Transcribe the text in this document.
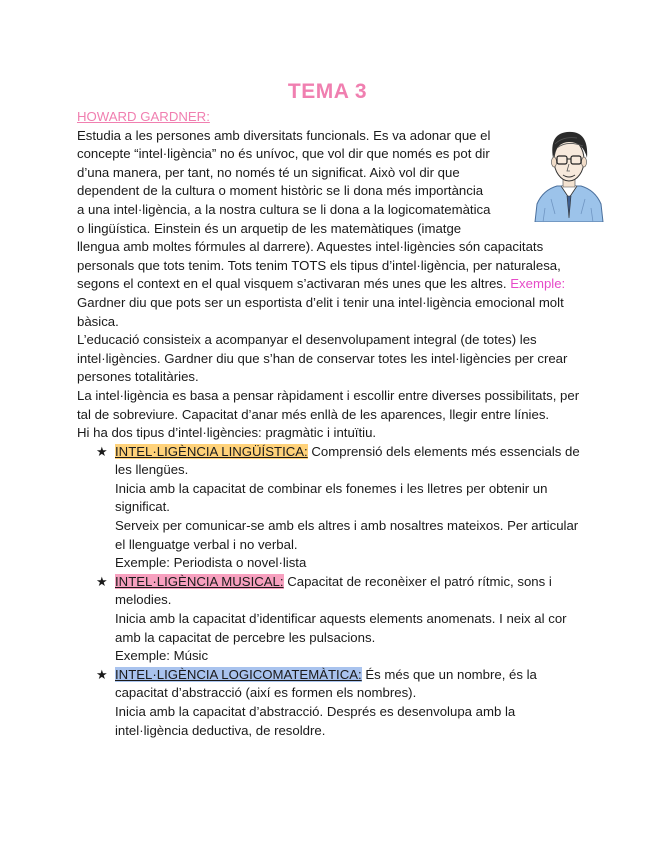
TEMA 3

HOWARD GARDNER:

Estudia a les persones amb diversitats funcionals. Es va adonar que el
concepte “intel·ligència” no és unívoc, que vol dir que només es pot dir
d’una manera, per tant, no només té un significat. Això vol dir que
dependent de la cultura o moment històric se li dona més importància
a una intel·ligència, a la nostra cultura se li dona a la logicomatemàtica
o lingüística. Einstein és un arquetip de les matemàtiques (imatge

llengua amb moltes fórmules al darrere). Aquestes intel·ligències són capacitats personals que tots tenim. Tots tenim TOTS els tipus d’intel·ligència, per naturalesa, segons el context en el qual visquem s’activaran més unes que les altres. Exemple: Gardner diu que pots ser un esportista d’elit i tenir una intel·ligència emocional molt bàsica.

L’educació consisteix a acompanyar el desenvolupament integral (de totes) les intel·ligències. Gardner diu que s’han de conservar totes les intel·ligències per crear persones totalitàries.

La intel·ligència es basa a pensar ràpidament i escollir entre diverses possibilitats, per tal de sobreviure. Capacitat d’anar més enllà de les aparences, llegir entre línies.

Hi ha dos tipus d’intel·ligències: pragmàtic i intuïtiu.

★ INTEL·LIGÈNCIA LINGÜÍSTICA: Comprensió dels elements més essencials de les llengües.
Inicia amb la capacitat de combinar els fonemes i les lletres per obtenir un significat.
Serveix per comunicar-se amb els altres i amb nosaltres mateixos. Per articular el llenguatge verbal i no verbal.
Exemple: Periodista o novel·lista
★ INTEL·LIGÈNCIA MUSICAL: Capacitat de reconèixer el patró rítmic, sons i melodies.
Inicia amb la capacitat d’identificar aquests elements anomenats. I neix al cor amb la capacitat de percebre les pulsacions.
Exemple: Músic
★ INTEL·LIGÈNCIA LOGICOMATEMÀTICA: És més que un nombre, és la capacitat d’abstracció (així es formen els nombres).
Inicia amb la capacitat d’abstracció. Després es desenvolupa amb la intel·ligència deductiva, de resoldre.
